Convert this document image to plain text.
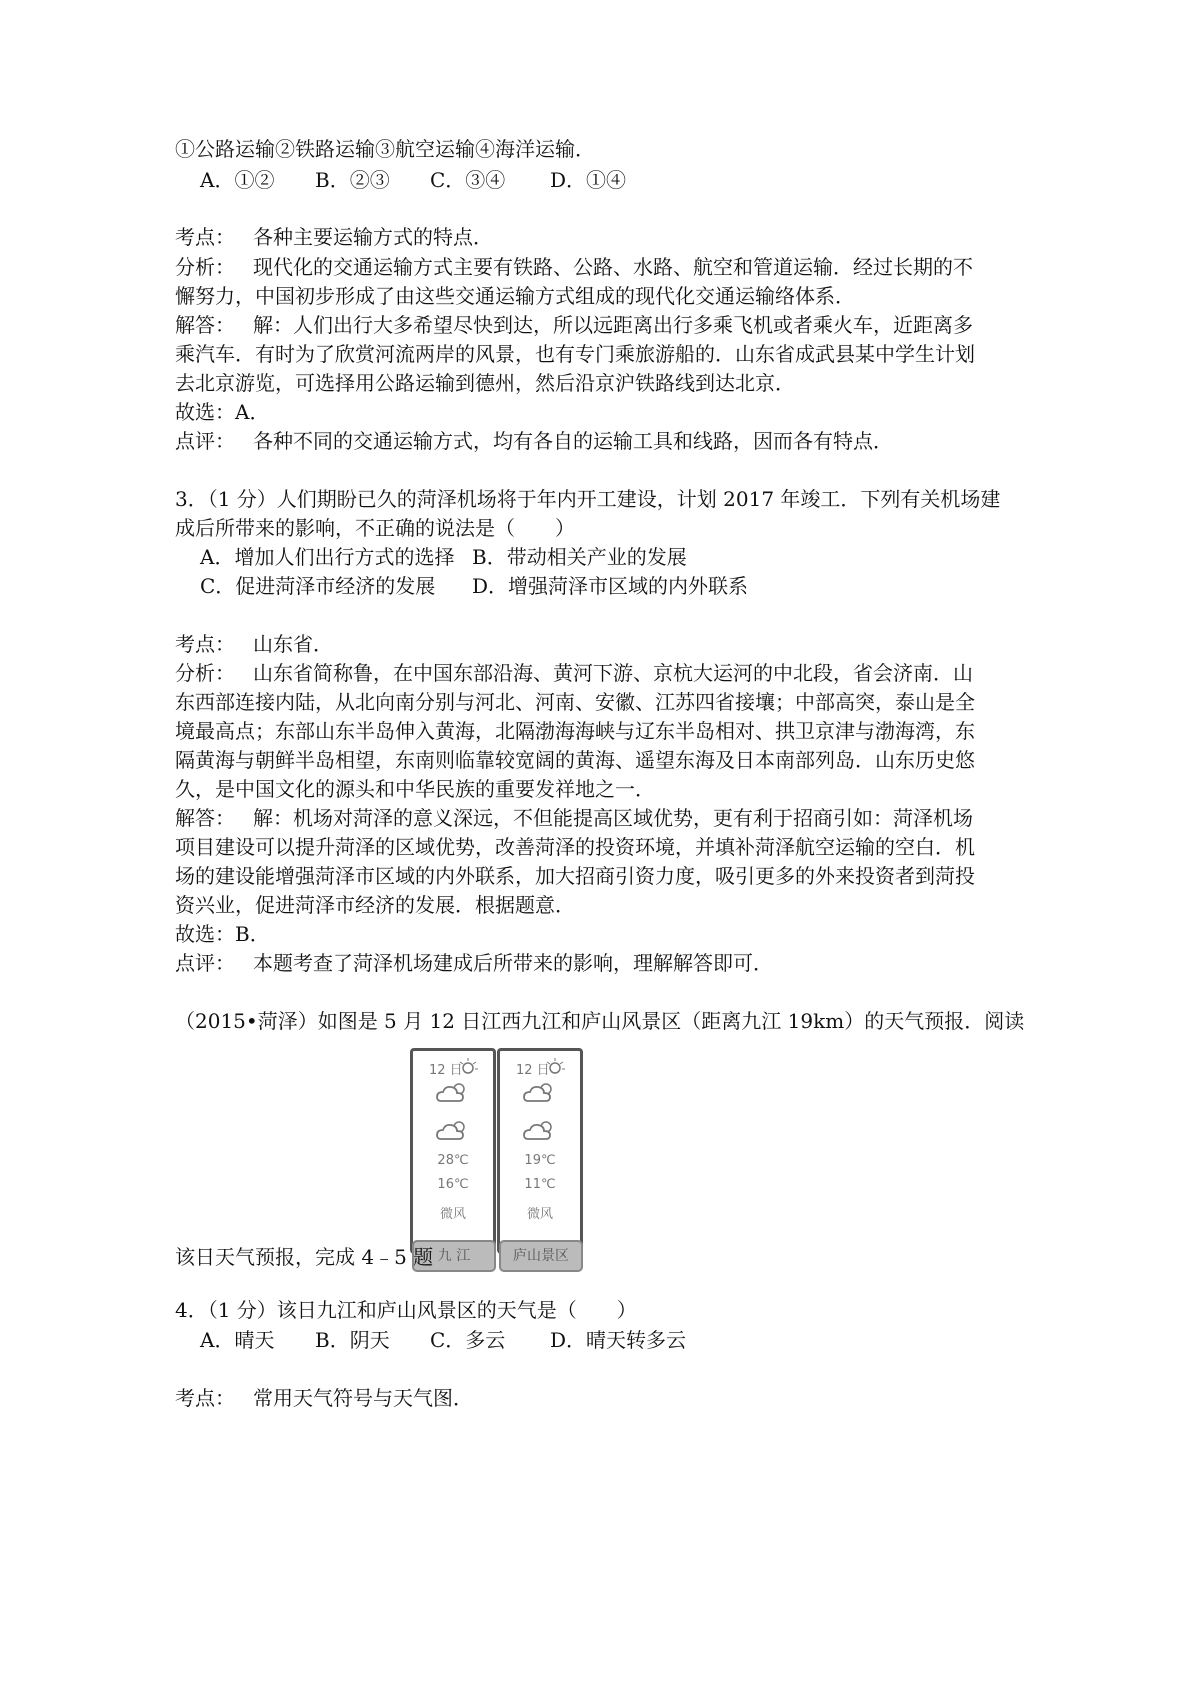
①公路运输②铁路运输③航空运输④海洋运输．
A．①② B．②③ C．③④ D．①④
考点： 各种主要运输方式的特点．
分析： 现代化的交通运输方式主要有铁路、公路、水路、航空和管道运输．经过长期的不
懈努力，中国初步形成了由这些交通运输方式组成的现代化交通运输络体系．
解答： 解：人们出行大多希望尽快到达，所以远距离出行多乘飞机或者乘火车，近距离多
乘汽车．有时为了欣赏河流两岸的风景，也有专门乘旅游船的．山东省成武县某中学生计划
去北京游览，可选择用公路运输到德州，然后沿京沪铁路线到达北京．
故选：A．
点评： 各种不同的交通运输方式，均有各自的运输工具和线路，因而各有特点．
3．（1 分）人们期盼已久的菏泽机场将于年内开工建设，计划 2017 年竣工．下列有关机场建
成后所带来的影响，不正确的说法是（　　）
A．增加人们出行方式的选择 B．带动相关产业的发展
C．促进菏泽市经济的发展 D．增强菏泽市区域的内外联系
考点： 山东省．
分析： 山东省简称鲁，在中国东部沿海、黄河下游、京杭大运河的中北段，省会济南．山
东西部连接内陆，从北向南分别与河北、河南、安徽、江苏四省接壤；中部高突，泰山是全
境最高点；东部山东半岛伸入黄海，北隔渤海海峡与辽东半岛相对、拱卫京津与渤海湾，东
隔黄海与朝鲜半岛相望，东南则临靠较宽阔的黄海、遥望东海及日本南部列岛．山东历史悠
久，是中国文化的源头和中华民族的重要发祥地之一．
解答： 解：机场对菏泽的意义深远，不但能提高区域优势，更有利于招商引如：菏泽机场
项目建设可以提升菏泽的区域优势，改善菏泽的投资环境，并填补菏泽航空运输的空白．机
场的建设能增强菏泽市区域的内外联系，加大招商引资力度，吸引更多的外来投资者到菏投
资兴业，促进菏泽市经济的发展．根据题意．
故选：B．
点评： 本题考查了菏泽机场建成后所带来的影响，理解解答即可．
（2015•菏泽）如图是 5 月 12 日江西九江和庐山风景区（距离九江 19km）的天气预报．阅读
12 日
28℃
16℃
微风
九 江
12 日
19℃
11℃
微风
庐山景区
该日天气预报，完成 4﹣5 题
4．（1 分）该日九江和庐山风景区的天气是（　　）
A．晴天 B．阴天 C．多云 D．晴天转多云
考点： 常用天气符号与天气图．
